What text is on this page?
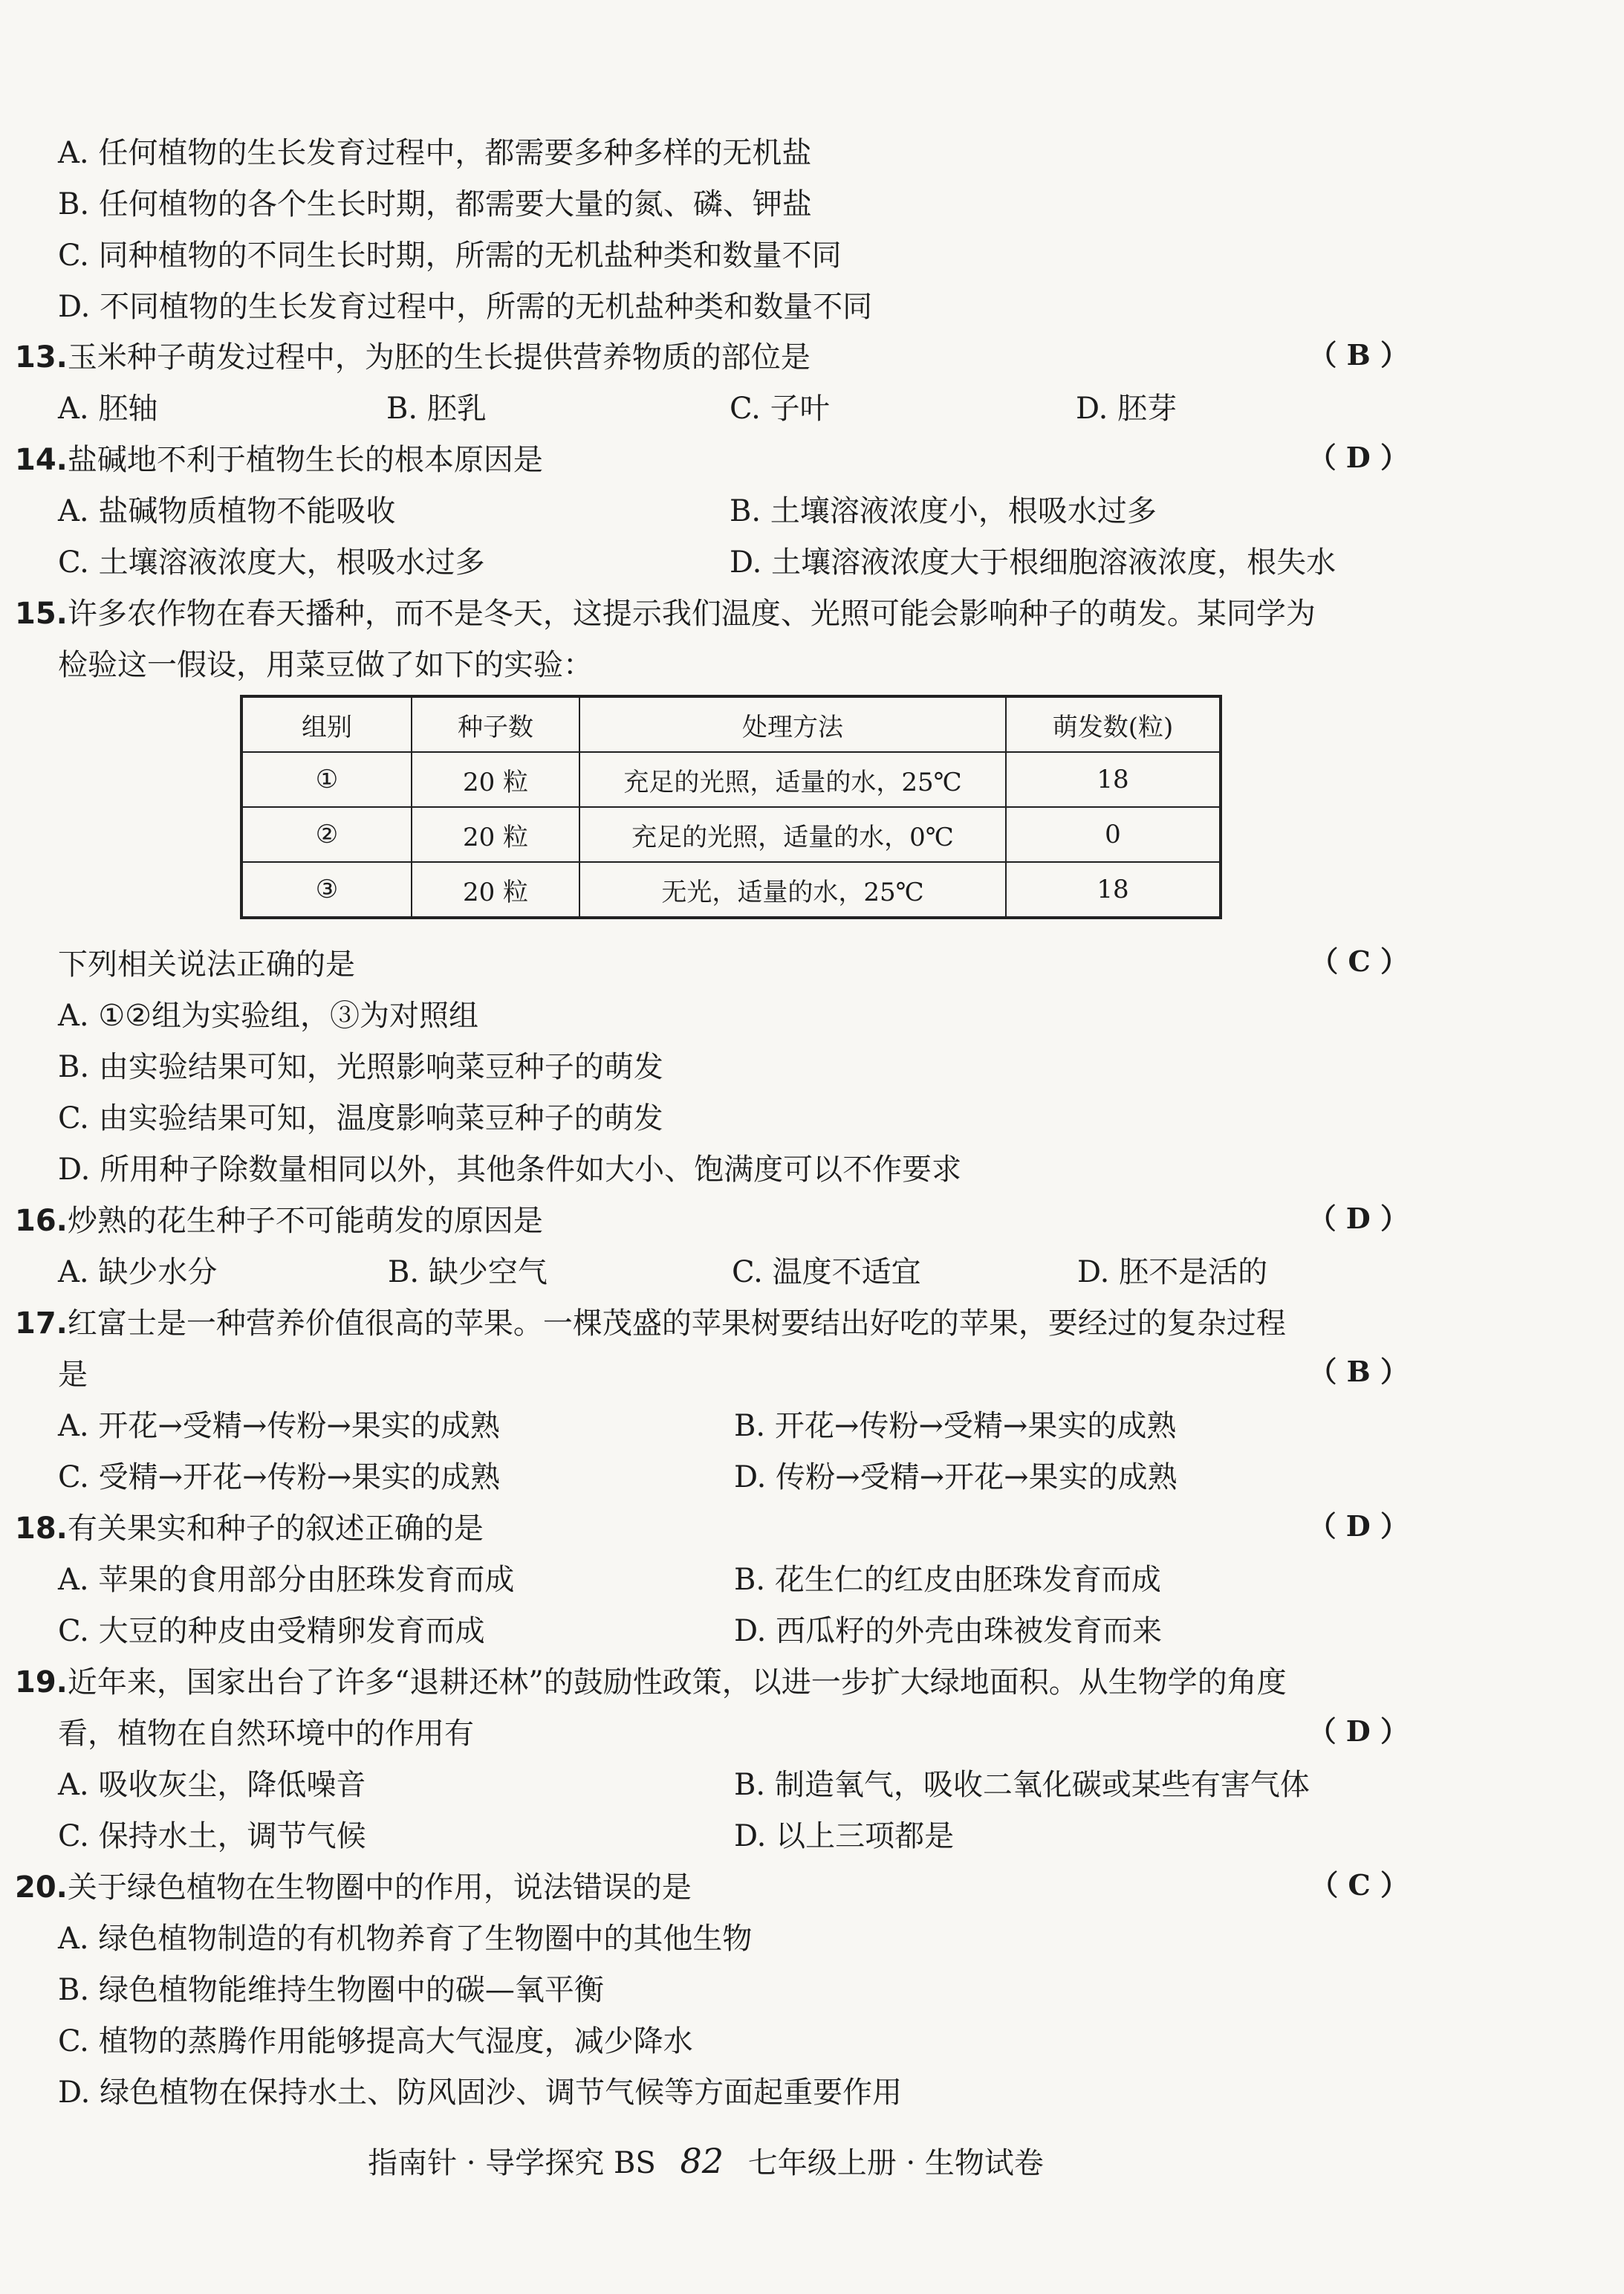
A. 任何植物的生长发育过程中，都需要多种多样的无机盐
B. 任何植物的各个生长时期，都需要大量的氮、磷、钾盐
C. 同种植物的不同生长时期，所需的无机盐种类和数量不同
D. 不同植物的生长发育过程中，所需的无机盐种类和数量不同
13.玉米种子萌发过程中，为胚的生长提供营养物质的部位是	（ B ）
A. 胚轴	B. 胚乳	C. 子叶	D. 胚芽
14.盐碱地不利于植物生长的根本原因是	（ D ）
A. 盐碱物质植物不能吸收	B. 土壤溶液浓度小，根吸水过多
C. 土壤溶液浓度大，根吸水过多	D. 土壤溶液浓度大于根细胞溶液浓度，根失水
15.许多农作物在春天播种，而不是冬天，这提示我们温度、光照可能会影响种子的萌发。某同学为
检验这一假设，用菜豆做了如下的实验：
组别	种子数	处理方法	萌发数(粒)
①	20 粒	充足的光照，适量的水，25℃	18
②	20 粒	充足的光照，适量的水，0℃	0
③	20 粒	无光，适量的水，25℃	18
下列相关说法正确的是	（ C ）
A. ①②组为实验组，③为对照组
B. 由实验结果可知，光照影响菜豆种子的萌发
C. 由实验结果可知，温度影响菜豆种子的萌发
D. 所用种子除数量相同以外，其他条件如大小、饱满度可以不作要求
16.炒熟的花生种子不可能萌发的原因是	（ D ）
A. 缺少水分	B. 缺少空气	C. 温度不适宜	D. 胚不是活的
17.红富士是一种营养价值很高的苹果。一棵茂盛的苹果树要结出好吃的苹果，要经过的复杂过程
是	（ B ）
A. 开花→受精→传粉→果实的成熟	B. 开花→传粉→受精→果实的成熟
C. 受精→开花→传粉→果实的成熟	D. 传粉→受精→开花→果实的成熟
18.有关果实和种子的叙述正确的是	（ D ）
A. 苹果的食用部分由胚珠发育而成	B. 花生仁的红皮由胚珠发育而成
C. 大豆的种皮由受精卵发育而成	D. 西瓜籽的外壳由珠被发育而来
19.近年来，国家出台了许多“退耕还林”的鼓励性政策，以进一步扩大绿地面积。从生物学的角度
看，植物在自然环境中的作用有	（ D ）
A. 吸收灰尘，降低噪音	B. 制造氧气，吸收二氧化碳或某些有害气体
C. 保持水土，调节气候	D. 以上三项都是
20.关于绿色植物在生物圈中的作用，说法错误的是	（ C ）
A. 绿色植物制造的有机物养育了生物圈中的其他生物
B. 绿色植物能维持生物圈中的碳—氧平衡
C. 植物的蒸腾作用能够提高大气湿度，减少降水
D. 绿色植物在保持水土、防风固沙、调节气候等方面起重要作用
指南针 · 导学探究 BS 82 七年级上册 · 生物试卷
